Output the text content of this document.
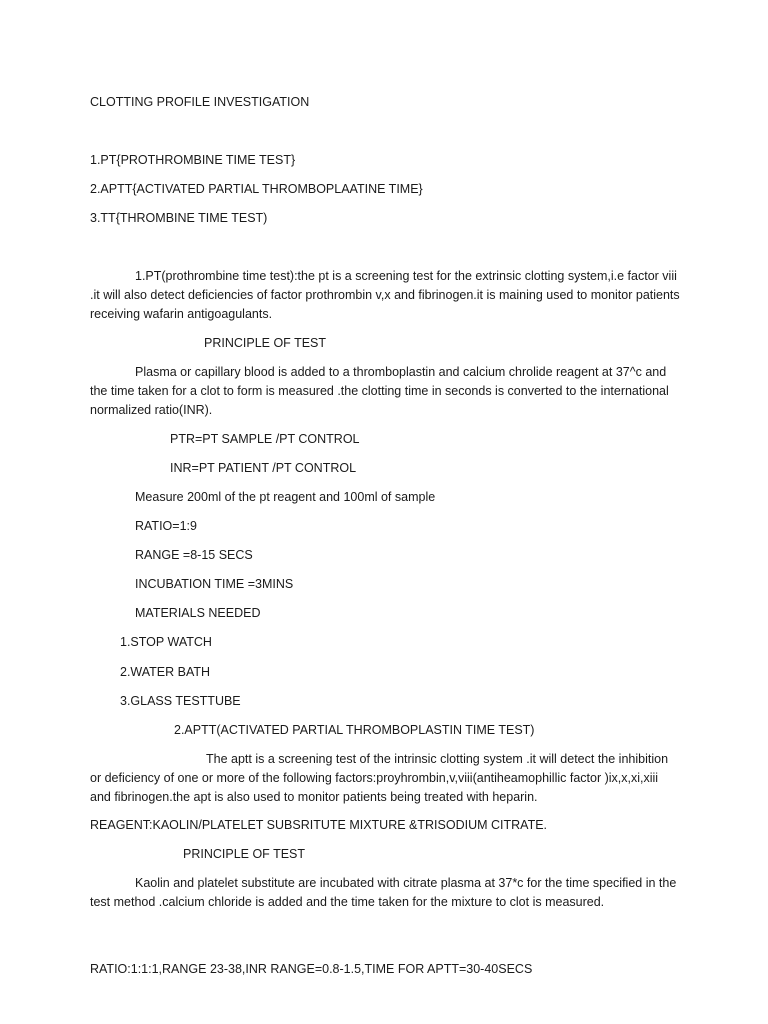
CLOTTING PROFILE INVESTIGATION
1.PT{PROTHROMBINE TIME TEST}
2.APTT{ACTIVATED PARTIAL THROMBOPLAATINE TIME}
3.TT{THROMBINE TIME TEST)
1.PT(prothrombine time test):the pt is a screening test for the extrinsic clotting system,i.e factor viii .it will also detect deficiencies of factor prothrombin v,x and fibrinogen.it is maining used to monitor patients receiving wafarin antigoagulants.
PRINCIPLE OF TEST
Plasma or capillary blood is added to a thromboplastin and calcium chrolide reagent at 37^c and the time taken for a clot to form is measured .the clotting time in seconds is converted to the international normalized ratio(INR).
PTR=PT SAMPLE /PT CONTROL
INR=PT PATIENT /PT CONTROL
Measure 200ml of the pt reagent and 100ml of sample
RATIO=1:9
RANGE =8-15 SECS
INCUBATION TIME =3MINS
MATERIALS NEEDED
1.STOP WATCH
2.WATER BATH
3.GLASS TESTTUBE
2.APTT(ACTIVATED PARTIAL THROMBOPLASTIN TIME TEST)
The aptt is a screening test of the intrinsic clotting system .it will detect the inhibition or deficiency of one or more of the following factors:proyhrombin,v,viii(antiheamophillic factor )ix,x,xi,xiii and fibrinogen.the apt is also used to monitor patients being treated with heparin.
REAGENT:KAOLIN/PLATELET SUBSRITUTE MIXTURE &TRISODIUM CITRATE.
PRINCIPLE OF TEST
Kaolin and platelet substitute are incubated with citrate plasma at 37*c for the time specified in the test method .calcium chloride is added and the time taken for the mixture to clot is measured.
RATIO:1:1:1,RANGE 23-38,INR RANGE=0.8-1.5,TIME FOR APTT=30-40SECS
